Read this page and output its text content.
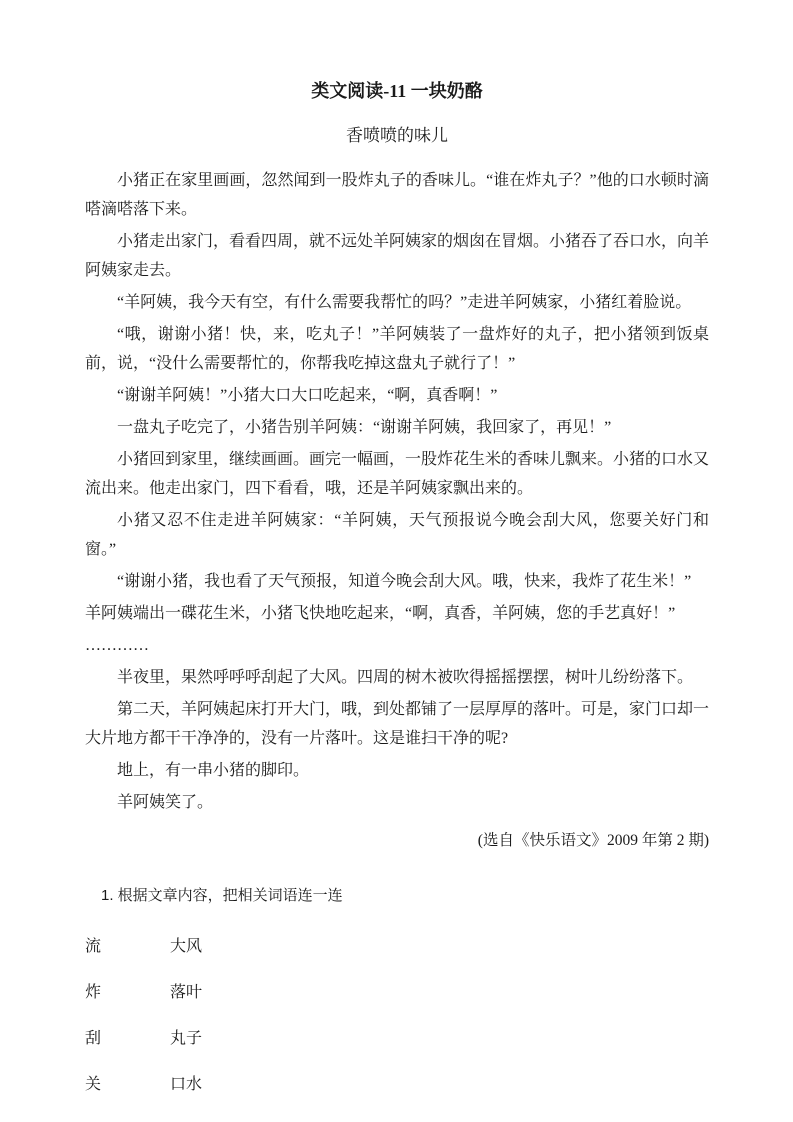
类文阅读-11 一块奶酪
香喷喷的味儿

小猪正在家里画画，忽然闻到一股炸丸子的香味儿。“谁在炸丸子？”他的口水顿时滴嗒滴嗒落下来。

小猪走出家门，看看四周，就不远处羊阿姨家的烟囱在冒烟。小猪吞了吞口水，向羊阿姨家走去。

“羊阿姨，我今天有空，有什么需要我帮忙的吗？”走进羊阿姨家，小猪红着脸说。

“哦，谢谢小猪！快，来，吃丸子！”羊阿姨装了一盘炸好的丸子，把小猪领到饭桌前，说，“没什么需要帮忙的，你帮我吃掉这盘丸子就行了！”

“谢谢羊阿姨！”小猪大口大口吃起来，“啊，真香啊！”

一盘丸子吃完了，小猪告别羊阿姨：“谢谢羊阿姨，我回家了，再见！”

小猪回到家里，继续画画。画完一幅画，一股炸花生米的香味儿飘来。小猪的口水又流出来。他走出家门，四下看看，哦，还是羊阿姨家飘出来的。

小猪又忍不住走进羊阿姨家：“羊阿姨，天气预报说今晚会刮大风，您要关好门和窗。”

“谢谢小猪，我也看了天气预报，知道今晚会刮大风。哦，快来，我炸了花生米！”

羊阿姨端出一碟花生米，小猪飞快地吃起来，“啊，真香，羊阿姨，您的手艺真好！”

…………

半夜里，果然呼呼呼刮起了大风。四周的树木被吹得摇摇摆摆，树叶儿纷纷落下。

第二天，羊阿姨起床打开大门，哦，到处都铺了一层厚厚的落叶。可是，家门口却一大片地方都干干净净的，没有一片落叶。这是谁扫干净的呢?

地上，有一串小猪的脚印。

羊阿姨笑了。

(选自《快乐语文》2009 年第 2 期)

1. 根据文章内容，把相关词语连一连

流	大风
炸	落叶
刮	丸子
关	口水
